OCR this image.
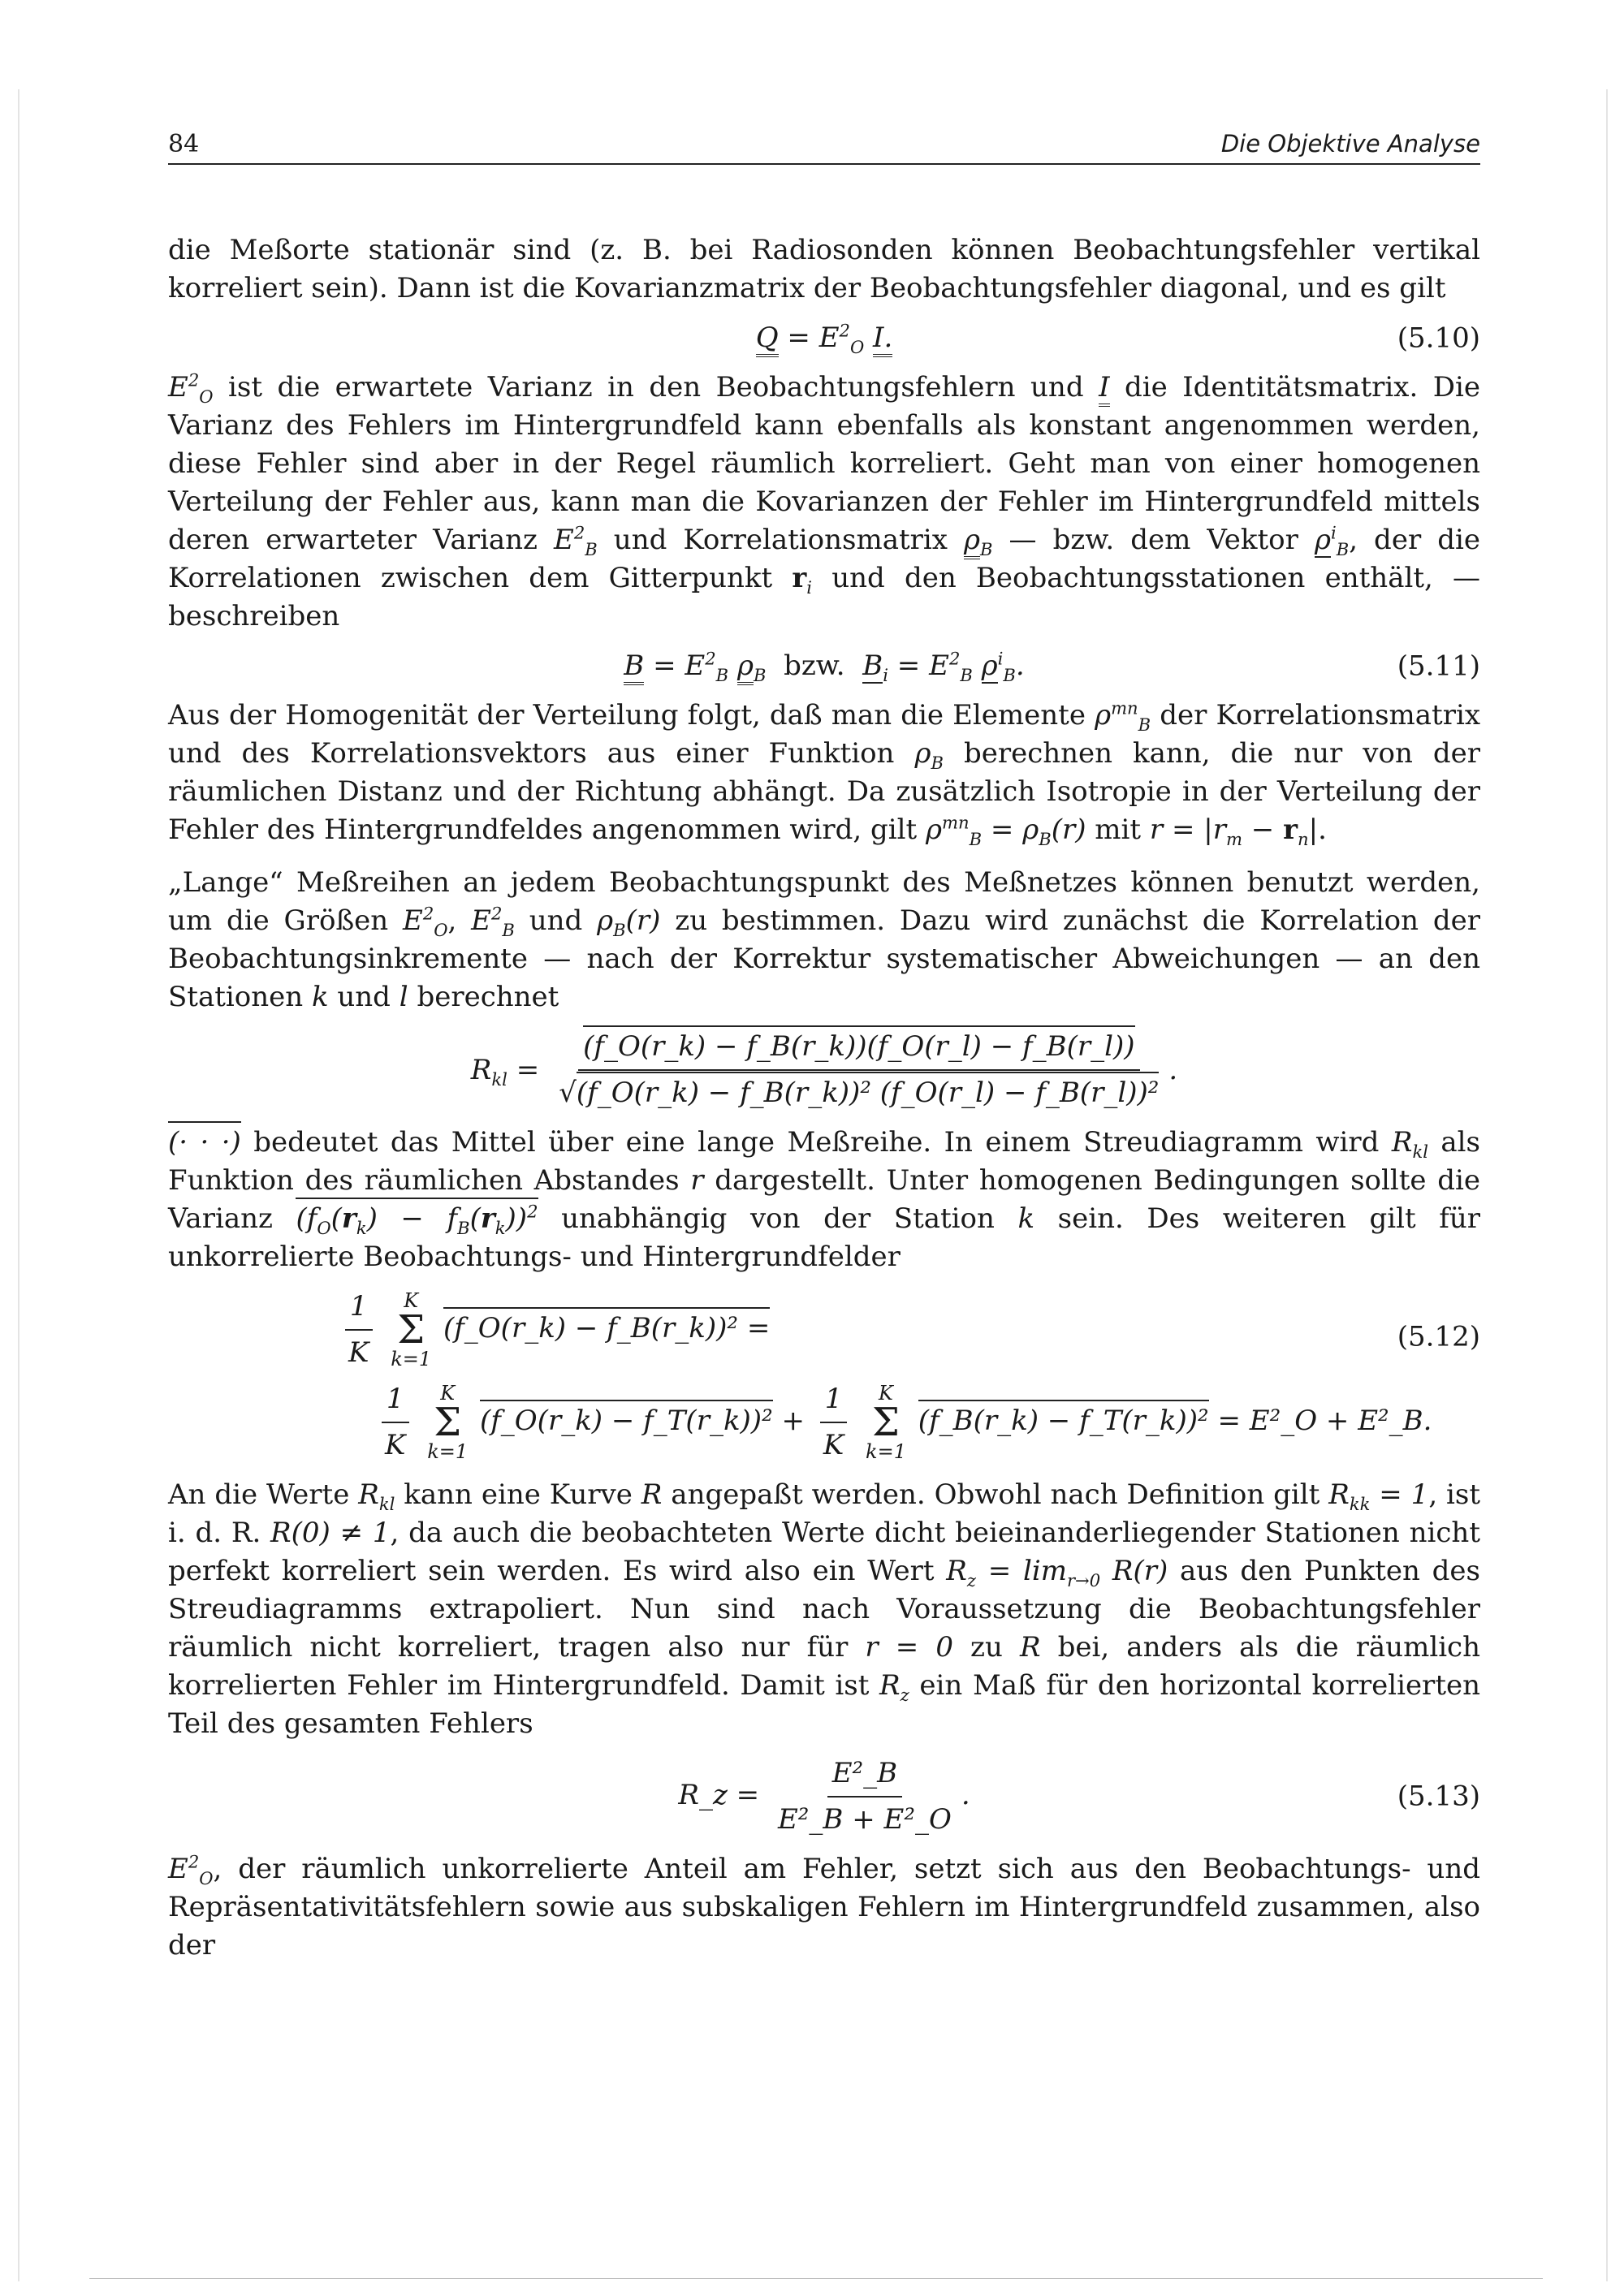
84	Die Objektive Analyse

die Meßorte stationär sind (z. B. bei Radiosonden können Beobachtungsfehler vertikal korreliert sein). Dann ist die Kovarianzmatrix der Beobachtungsfehler diagonal, und es gilt

$Q = E^2_O$ I.	(5.10)

$E^2_O$ ist die erwartete Varianz in den Beobachtungsfehlern und I die Identitätsmatrix. Die Varianz des Fehlers im Hintergrundfeld kann ebenfalls als konstant angenommen werden, diese Fehler sind aber in der Regel räumlich korreliert. Geht man von einer homogenen Verteilung der Fehler aus, kann man die Kovarianzen der Fehler im Hintergrundfeld mittels deren erwarteter Varianz $E^2_B$ und Korrelationsmatrix $\rho_B$ — bzw. dem Vektor $\rho^i_B$, der die Korrelationen zwischen dem Gitterpunkt $r_i$ und den Beobachtungsstationen enthält, — beschreiben

$B = E^2_B$ $\rho_B$ bzw. $B_i = E^2_B$ $\rho^i_B$.	(5.11)

Aus der Homogenität der Verteilung folgt, daß man die Elemente $\rho^{mn}_B$ der Korrelationsmatrix und des Korrelationsvektors aus einer Funktion $\rho_B$ berechnen kann, die nur von der räumlichen Distanz und der Richtung abhängt. Da zusätzlich Isotropie in der Verteilung der Fehler des Hintergrundfeldes angenommen wird, gilt $\rho^{mn}_B = \rho_B(r)$ mit $r = |r_m - r_n|$.

„Lange“ Meßreihen an jedem Beobachtungspunkt des Meßnetzes können benutzt werden, um die Größen $E^2_O$, $E^2_B$ und $\rho_B(r)$ zu bestimmen. Dazu wird zunächst die Korrelation der Beobachtungsinkremente — nach der Korrektur systematischer Abweichungen — an den Stationen k und l berechnet

$R_{kl} = \frac{(f\_O(r\_k) - f\_B(r\_k))(f\_O(r\_l) - f\_B(r\_l))}{\text{√(f\_O(r\_k) − f\_B(r\_k))² (f\_O(r\_l) − f\_B(r\_l))²}}$ .

(· · ·) bedeutet das Mittel über eine lange Meßreihe. In einem Streudiagramm wird $R_{kl}$ als Funktion des räumlichen Abstandes r dargestellt. Unter homogenen Bedingungen sollte die Varianz $(f_O(r_k) - f_B(r_k))^2$ unabhängig von der Station k sein. Des weiteren gilt für unkorrelierte Beobachtungs- und Hintergrundfelder

$\frac{1}{K}$
K
Σ
k=1
(f_O(r_k) − f_B(r_k))² =
$\frac{1}{K}$
K
Σ
k=1
(f_O(r_k) − f_T(r_k))² + $\frac{1}{K}$
K
Σ
k=1
(f_B(r_k) − f_T(r_k))² = E²_O + E²_B.
(5.12)

An die Werte $R_{kl}$ kann eine Kurve R angepaßt werden. Obwohl nach Definition gilt $R_{kk} = 1$, ist i. d. R. R(0) ≠ 1, da auch die beobachteten Werte dicht beieinanderliegender Stationen nicht perfekt korreliert sein werden. Es wird also ein Wert $R_z = \lim_{r\to 0} R(r)$ aus den Punkten des Streudiagramms extrapoliert. Nun sind nach Voraussetzung die Beobachtungsfehler räumlich nicht korreliert, tragen also nur für r = 0 zu R bei, anders als die räumlich korrelierten Fehler im Hintergrundfeld. Damit ist $R_z$ ein Maß für den horizontal korrelierten Teil des gesamten Fehlers

R_z = $\frac{\text{E²\_B}}{\text{E²\_B + E²\_O}}$ .	(5.13)

$E^2_O$, der räumlich unkorrelierte Anteil am Fehler, setzt sich aus den Beobachtungs- und Repräsentativitätsfehlern sowie aus subskaligen Fehlern im Hintergrundfeld zusammen, also der
